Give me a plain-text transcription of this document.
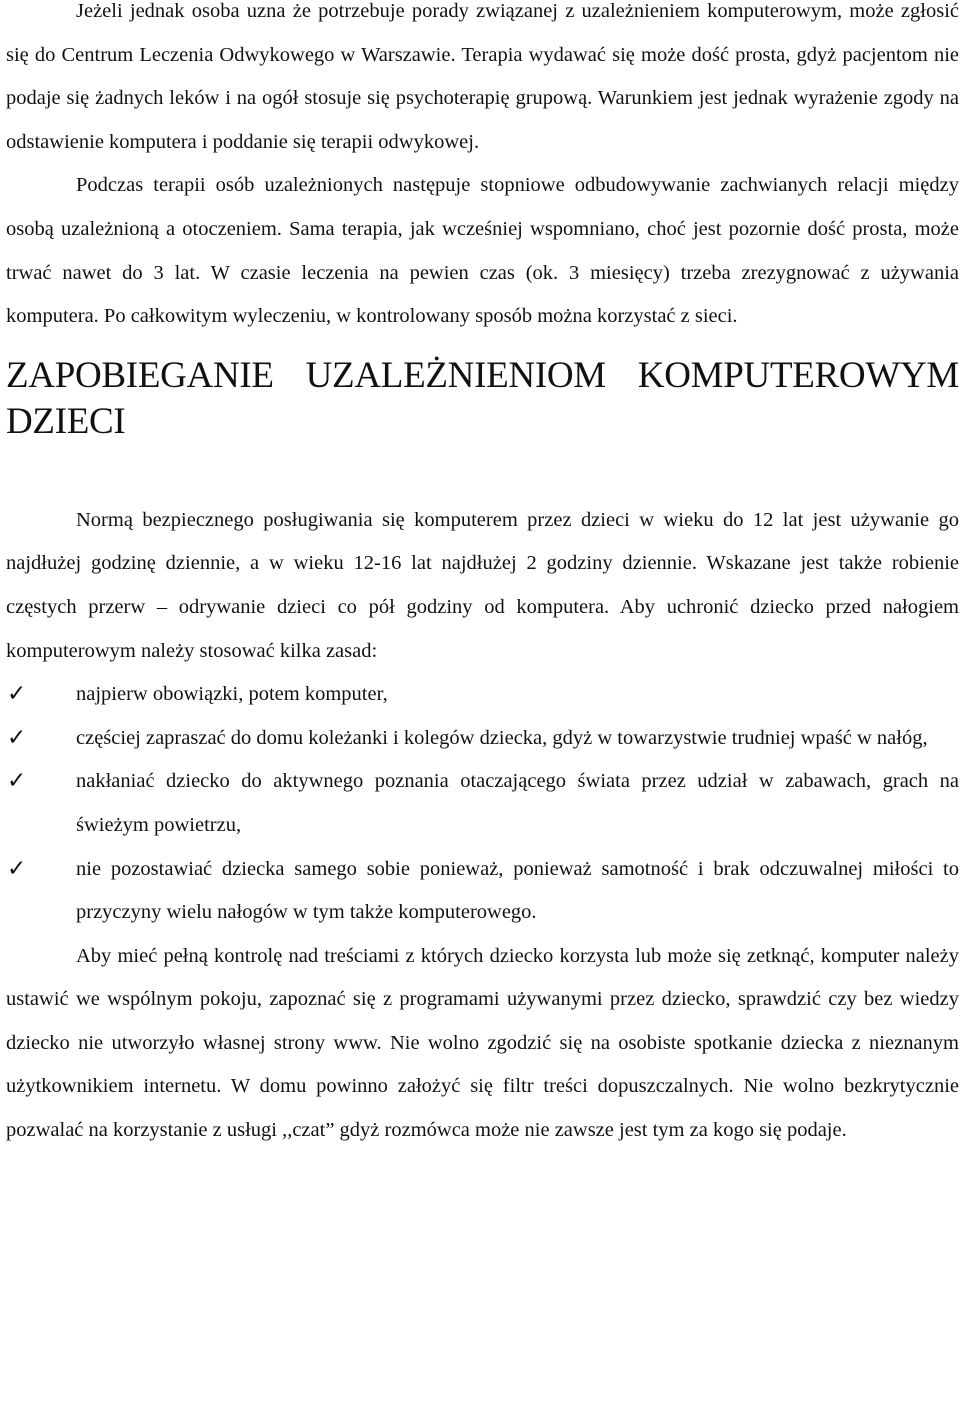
Jeżeli jednak osoba uzna że potrzebuje porady związanej z uzależnieniem komputerowym, może zgłosić się do Centrum Leczenia Odwykowego w Warszawie. Terapia wydawać się może dość prosta, gdyż pacjentom nie podaje się żadnych leków i na ogół stosuje się psychoterapię grupową. Warunkiem jest jednak wyrażenie zgody na odstawienie komputera i poddanie się terapii odwykowej.

Podczas terapii osób uzależnionych następuje stopniowe odbudowywanie zachwianych relacji między osobą uzależnioną a otoczeniem. Sama terapia, jak wcześniej wspomniano, choć jest pozornie dość prosta, może trwać nawet do 3 lat. W czasie leczenia na pewien czas (ok. 3 miesięcy) trzeba zrezygnować z używania komputera. Po całkowitym wyleczeniu, w kontrolowany sposób można korzystać z sieci.

ZAPOBIEGANIE UZALEŻNIENIOM KOMPUTEROWYM DZIECI

Normą bezpiecznego posługiwania się komputerem przez dzieci w wieku do 12 lat jest używanie go najdłużej godzinę dziennie, a w wieku 12-16 lat najdłużej 2 godziny dziennie. Wskazane jest także robienie częstych przerw – odrywanie dzieci co pół godziny od komputera. Aby uchronić dziecko przed nałogiem komputerowym należy stosować kilka zasad:

✓ najpierw obowiązki, potem komputer,
✓ częściej zapraszać do domu koleżanki i kolegów dziecka, gdyż w towarzystwie trudniej wpaść w nałóg,
✓ nakłaniać dziecko do aktywnego poznania otaczającego świata przez udział w zabawach, grach na świeżym powietrzu,
✓ nie pozostawiać dziecka samego sobie ponieważ, ponieważ samotność i brak odczuwalnej miłości to przyczyny wielu nałogów w tym także komputerowego.

Aby mieć pełną kontrolę nad treściami z których dziecko korzysta lub może się zetknąć, komputer należy ustawić we wspólnym pokoju, zapoznać się z programami używanymi przez dziecko, sprawdzić czy bez wiedzy dziecko nie utworzyło własnej strony www. Nie wolno zgodzić się na osobiste spotkanie dziecka z nieznanym użytkownikiem internetu. W domu powinno założyć się filtr treści dopuszczalnych. Nie wolno bezkrytycznie pozwalać na korzystanie z usługi ,,czat” gdyż rozmówca może nie zawsze jest tym za kogo się podaje.
